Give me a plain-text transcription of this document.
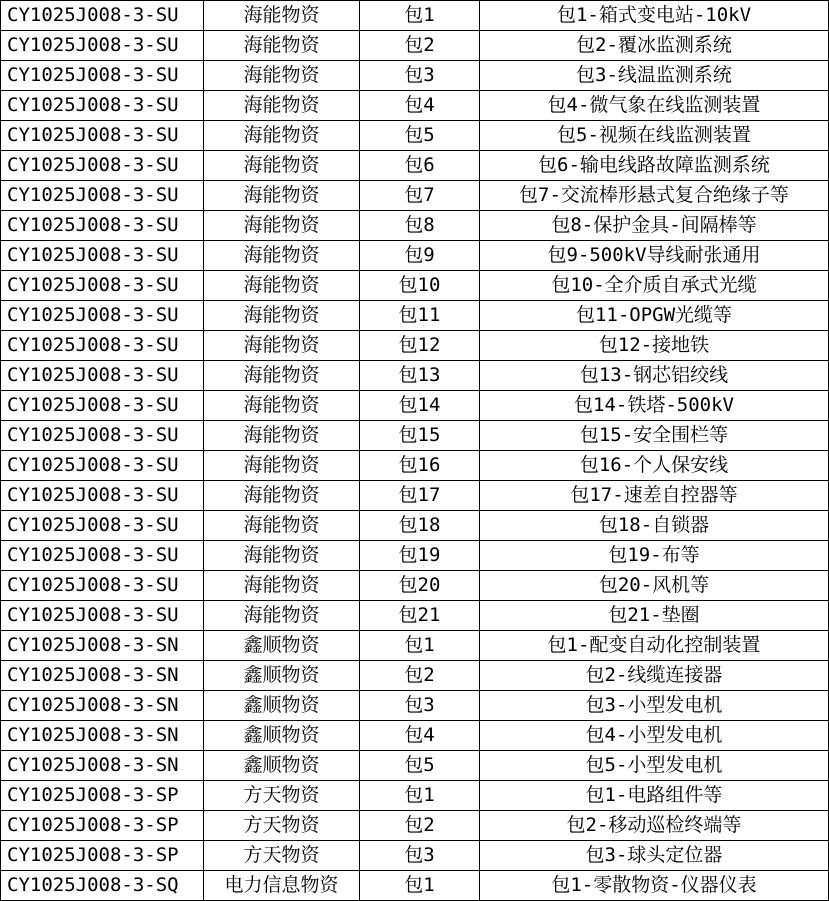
CY1025J008-3-SU	海能物资	包1	包1-箱式变电站-10kV
CY1025J008-3-SU	海能物资	包2	包2-覆冰监测系统
CY1025J008-3-SU	海能物资	包3	包3-线温监测系统
CY1025J008-3-SU	海能物资	包4	包4-微气象在线监测装置
CY1025J008-3-SU	海能物资	包5	包5-视频在线监测装置
CY1025J008-3-SU	海能物资	包6	包6-输电线路故障监测系统
CY1025J008-3-SU	海能物资	包7	包7-交流棒形悬式复合绝缘子等
CY1025J008-3-SU	海能物资	包8	包8-保护金具-间隔棒等
CY1025J008-3-SU	海能物资	包9	包9-500kV导线耐张通用
CY1025J008-3-SU	海能物资	包10	包10-全介质自承式光缆
CY1025J008-3-SU	海能物资	包11	包11-OPGW光缆等
CY1025J008-3-SU	海能物资	包12	包12-接地铁
CY1025J008-3-SU	海能物资	包13	包13-钢芯铝绞线
CY1025J008-3-SU	海能物资	包14	包14-铁塔-500kV
CY1025J008-3-SU	海能物资	包15	包15-安全围栏等
CY1025J008-3-SU	海能物资	包16	包16-个人保安线
CY1025J008-3-SU	海能物资	包17	包17-速差自控器等
CY1025J008-3-SU	海能物资	包18	包18-自锁器
CY1025J008-3-SU	海能物资	包19	包19-布等
CY1025J008-3-SU	海能物资	包20	包20-风机等
CY1025J008-3-SU	海能物资	包21	包21-垫圈
CY1025J008-3-SN	鑫顺物资	包1	包1-配变自动化控制装置
CY1025J008-3-SN	鑫顺物资	包2	包2-线缆连接器
CY1025J008-3-SN	鑫顺物资	包3	包3-小型发电机
CY1025J008-3-SN	鑫顺物资	包4	包4-小型发电机
CY1025J008-3-SN	鑫顺物资	包5	包5-小型发电机
CY1025J008-3-SP	方天物资	包1	包1-电路组件等
CY1025J008-3-SP	方天物资	包2	包2-移动巡检终端等
CY1025J008-3-SP	方天物资	包3	包3-球头定位器
CY1025J008-3-SQ	电力信息物资	包1	包1-零散物资-仪器仪表
